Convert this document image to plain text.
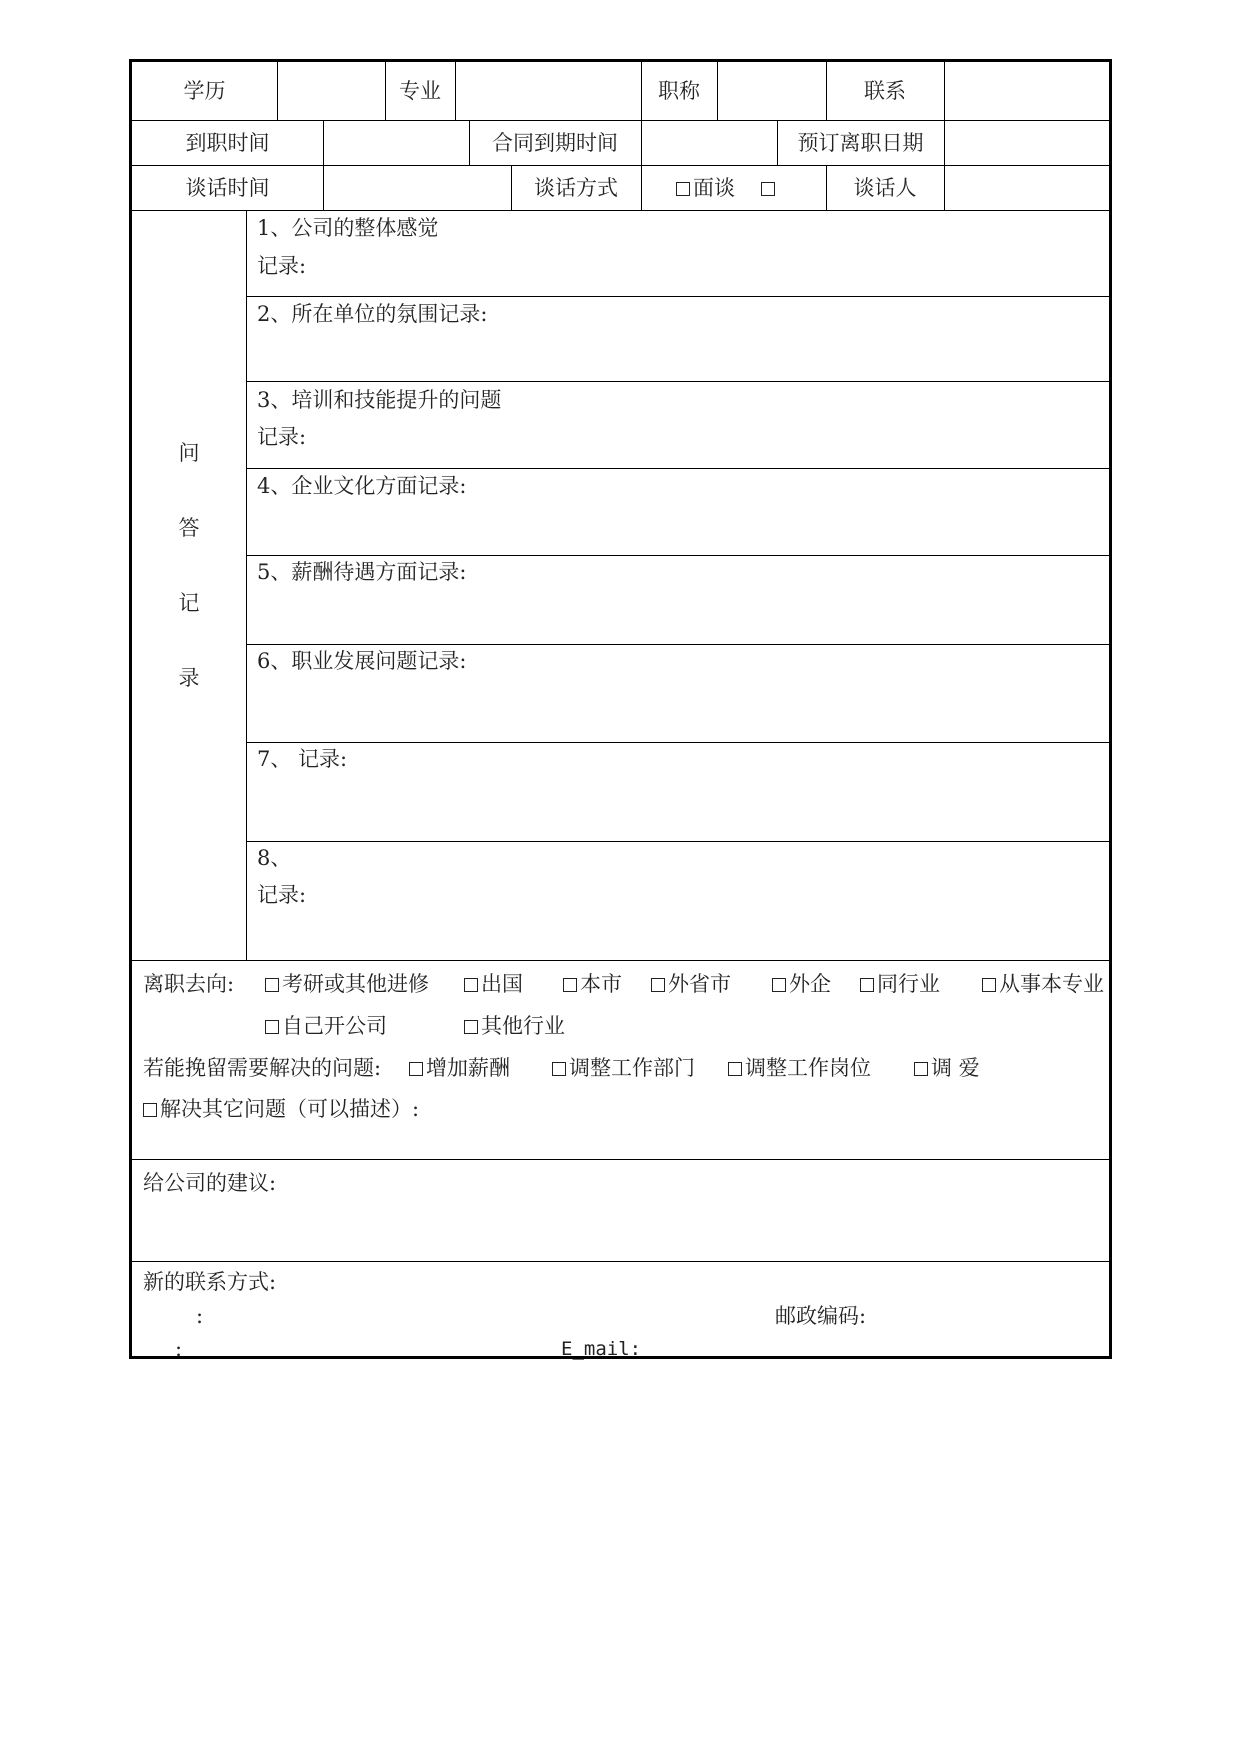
学历	专业	职称	联系
到职时间	合同到期时间	预订离职日期
谈话时间	谈话方式	面谈	谈话人
问
答
记
录
1、公司的整体感觉
记录:
2、所在单位的氛围记录:
3、培训和技能提升的问题
记录:
4、企业文化方面记录:
5、薪酬待遇方面记录:
6、职业发展问题记录:
7、 记录:
8、
记录:
离职去向:	考研或其他进修	出国	本市	外省市	外企	同行业	从事本专业
自己开公司	其他行业
若能挽留需要解决的问题:	增加薪酬	调整工作部门	调整工作岗位	调 爱
解决其它问题（可以描述）:
给公司的建议:
新的联系方式:
:	邮政编码:
:	E_mail:
